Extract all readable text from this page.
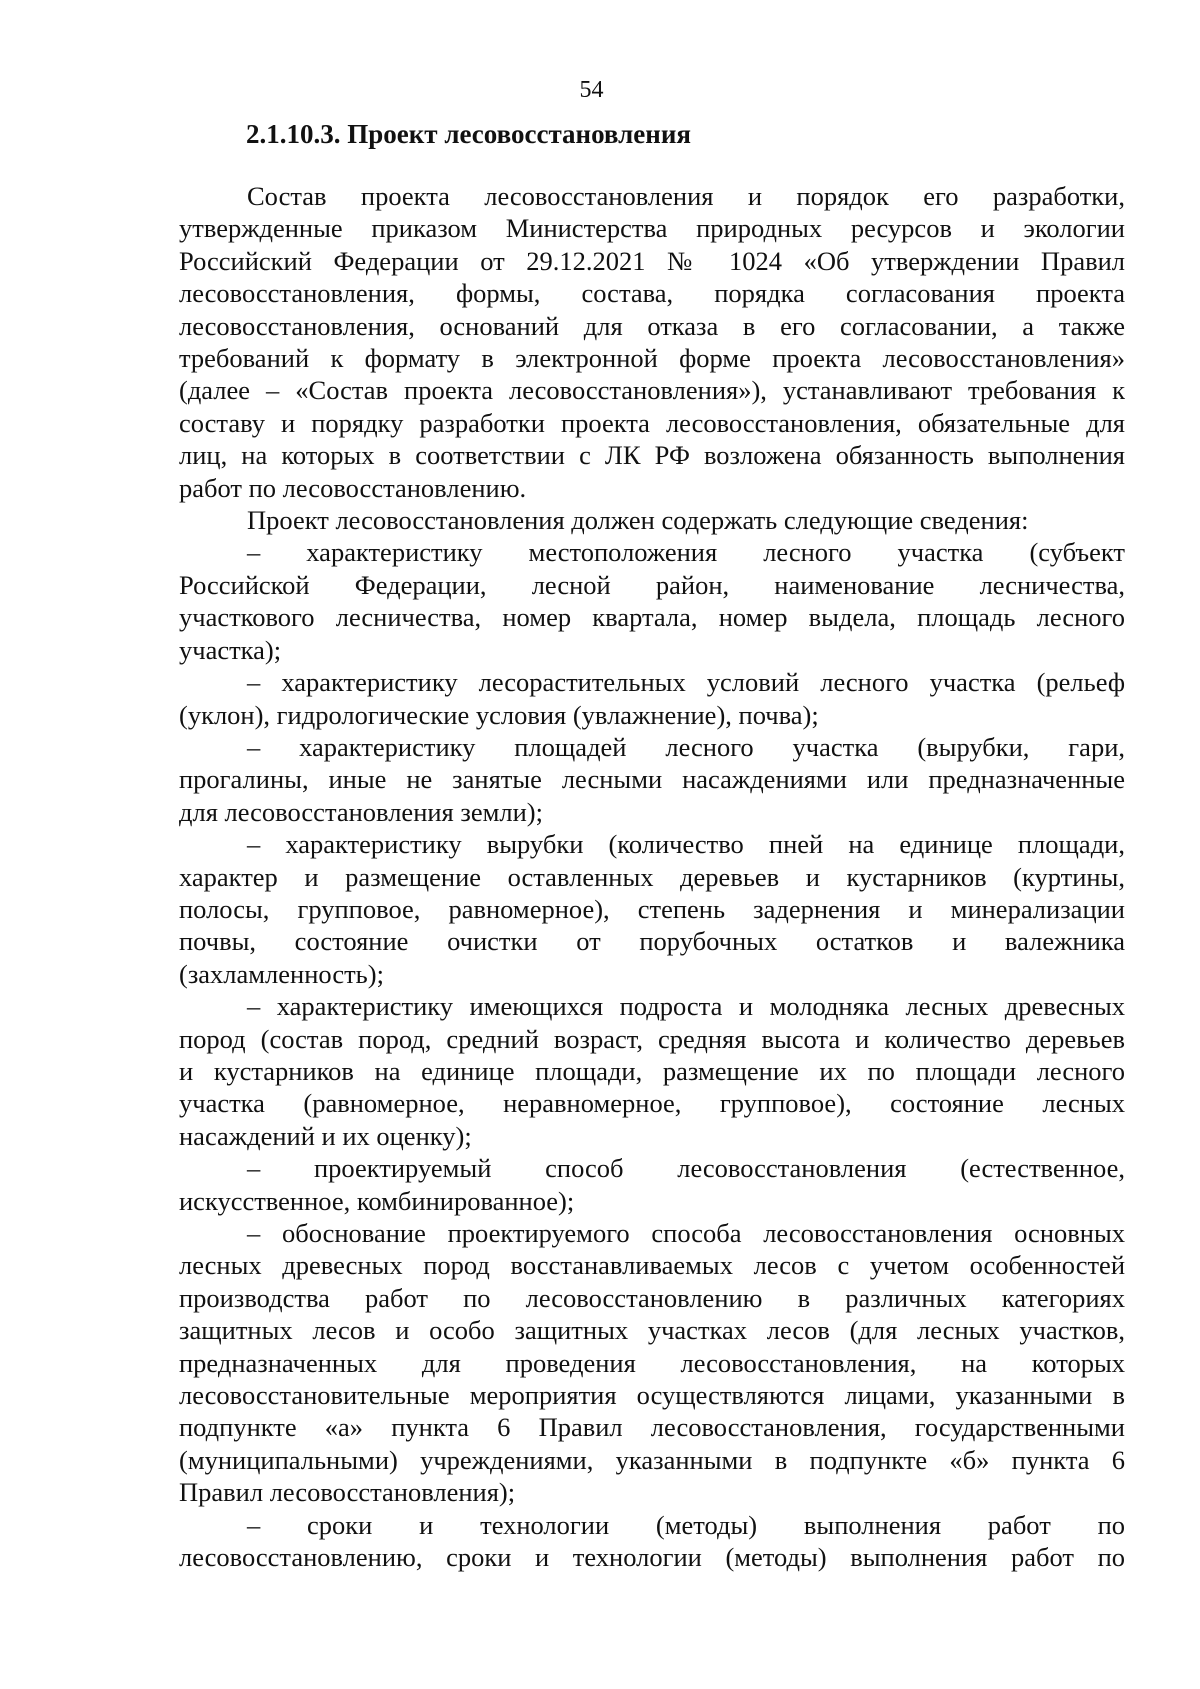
54
2.1.10.3. Проект лесовосстановления
Состав проекта лесовосстановления и порядок его разработки,
утвержденные приказом Министерства природных ресурсов и экологии
Российский Федерации от 29.12.2021 № 1024 «Об утверждении Правил
лесовосстановления, формы, состава, порядка согласования проекта
лесовосстановления, оснований для отказа в его согласовании, а также
требований к формату в электронной форме проекта лесовосстановления»
(далее – «Состав проекта лесовосстановления»), устанавливают требования к
составу и порядку разработки проекта лесовосстановления, обязательные для
лиц, на которых в соответствии с ЛК РФ возложена обязанность выполнения
работ по лесовосстановлению.
Проект лесовосстановления должен содержать следующие сведения:
– характеристику местоположения лесного участка (субъект
Российской Федерации, лесной район, наименование лесничества,
участкового лесничества, номер квартала, номер выдела, площадь лесного
участка);
– характеристику лесорастительных условий лесного участка (рельеф
(уклон), гидрологические условия (увлажнение), почва);
– характеристику площадей лесного участка (вырубки, гари,
прогалины, иные не занятые лесными насаждениями или предназначенные
для лесовосстановления земли);
– характеристику вырубки (количество пней на единице площади,
характер и размещение оставленных деревьев и кустарников (куртины,
полосы, групповое, равномерное), степень задернения и минерализации
почвы, состояние очистки от порубочных остатков и валежника
(захламленность);
– характеристику имеющихся подроста и молодняка лесных древесных
пород (состав пород, средний возраст, средняя высота и количество деревьев
и кустарников на единице площади, размещение их по площади лесного
участка (равномерное, неравномерное, групповое), состояние лесных
насаждений и их оценку);
– проектируемый способ лесовосстановления (естественное,
искусственное, комбинированное);
– обоснование проектируемого способа лесовосстановления основных
лесных древесных пород восстанавливаемых лесов с учетом особенностей
производства работ по лесовосстановлению в различных категориях
защитных лесов и особо защитных участках лесов (для лесных участков,
предназначенных для проведения лесовосстановления, на которых
лесовосстановительные мероприятия осуществляются лицами, указанными в
подпункте «а» пункта 6 Правил лесовосстановления, государственными
(муниципальными) учреждениями, указанными в подпункте «б» пункта 6
Правил лесовосстановления);
– сроки и технологии (методы) выполнения работ по
лесовосстановлению, сроки и технологии (методы) выполнения работ по
